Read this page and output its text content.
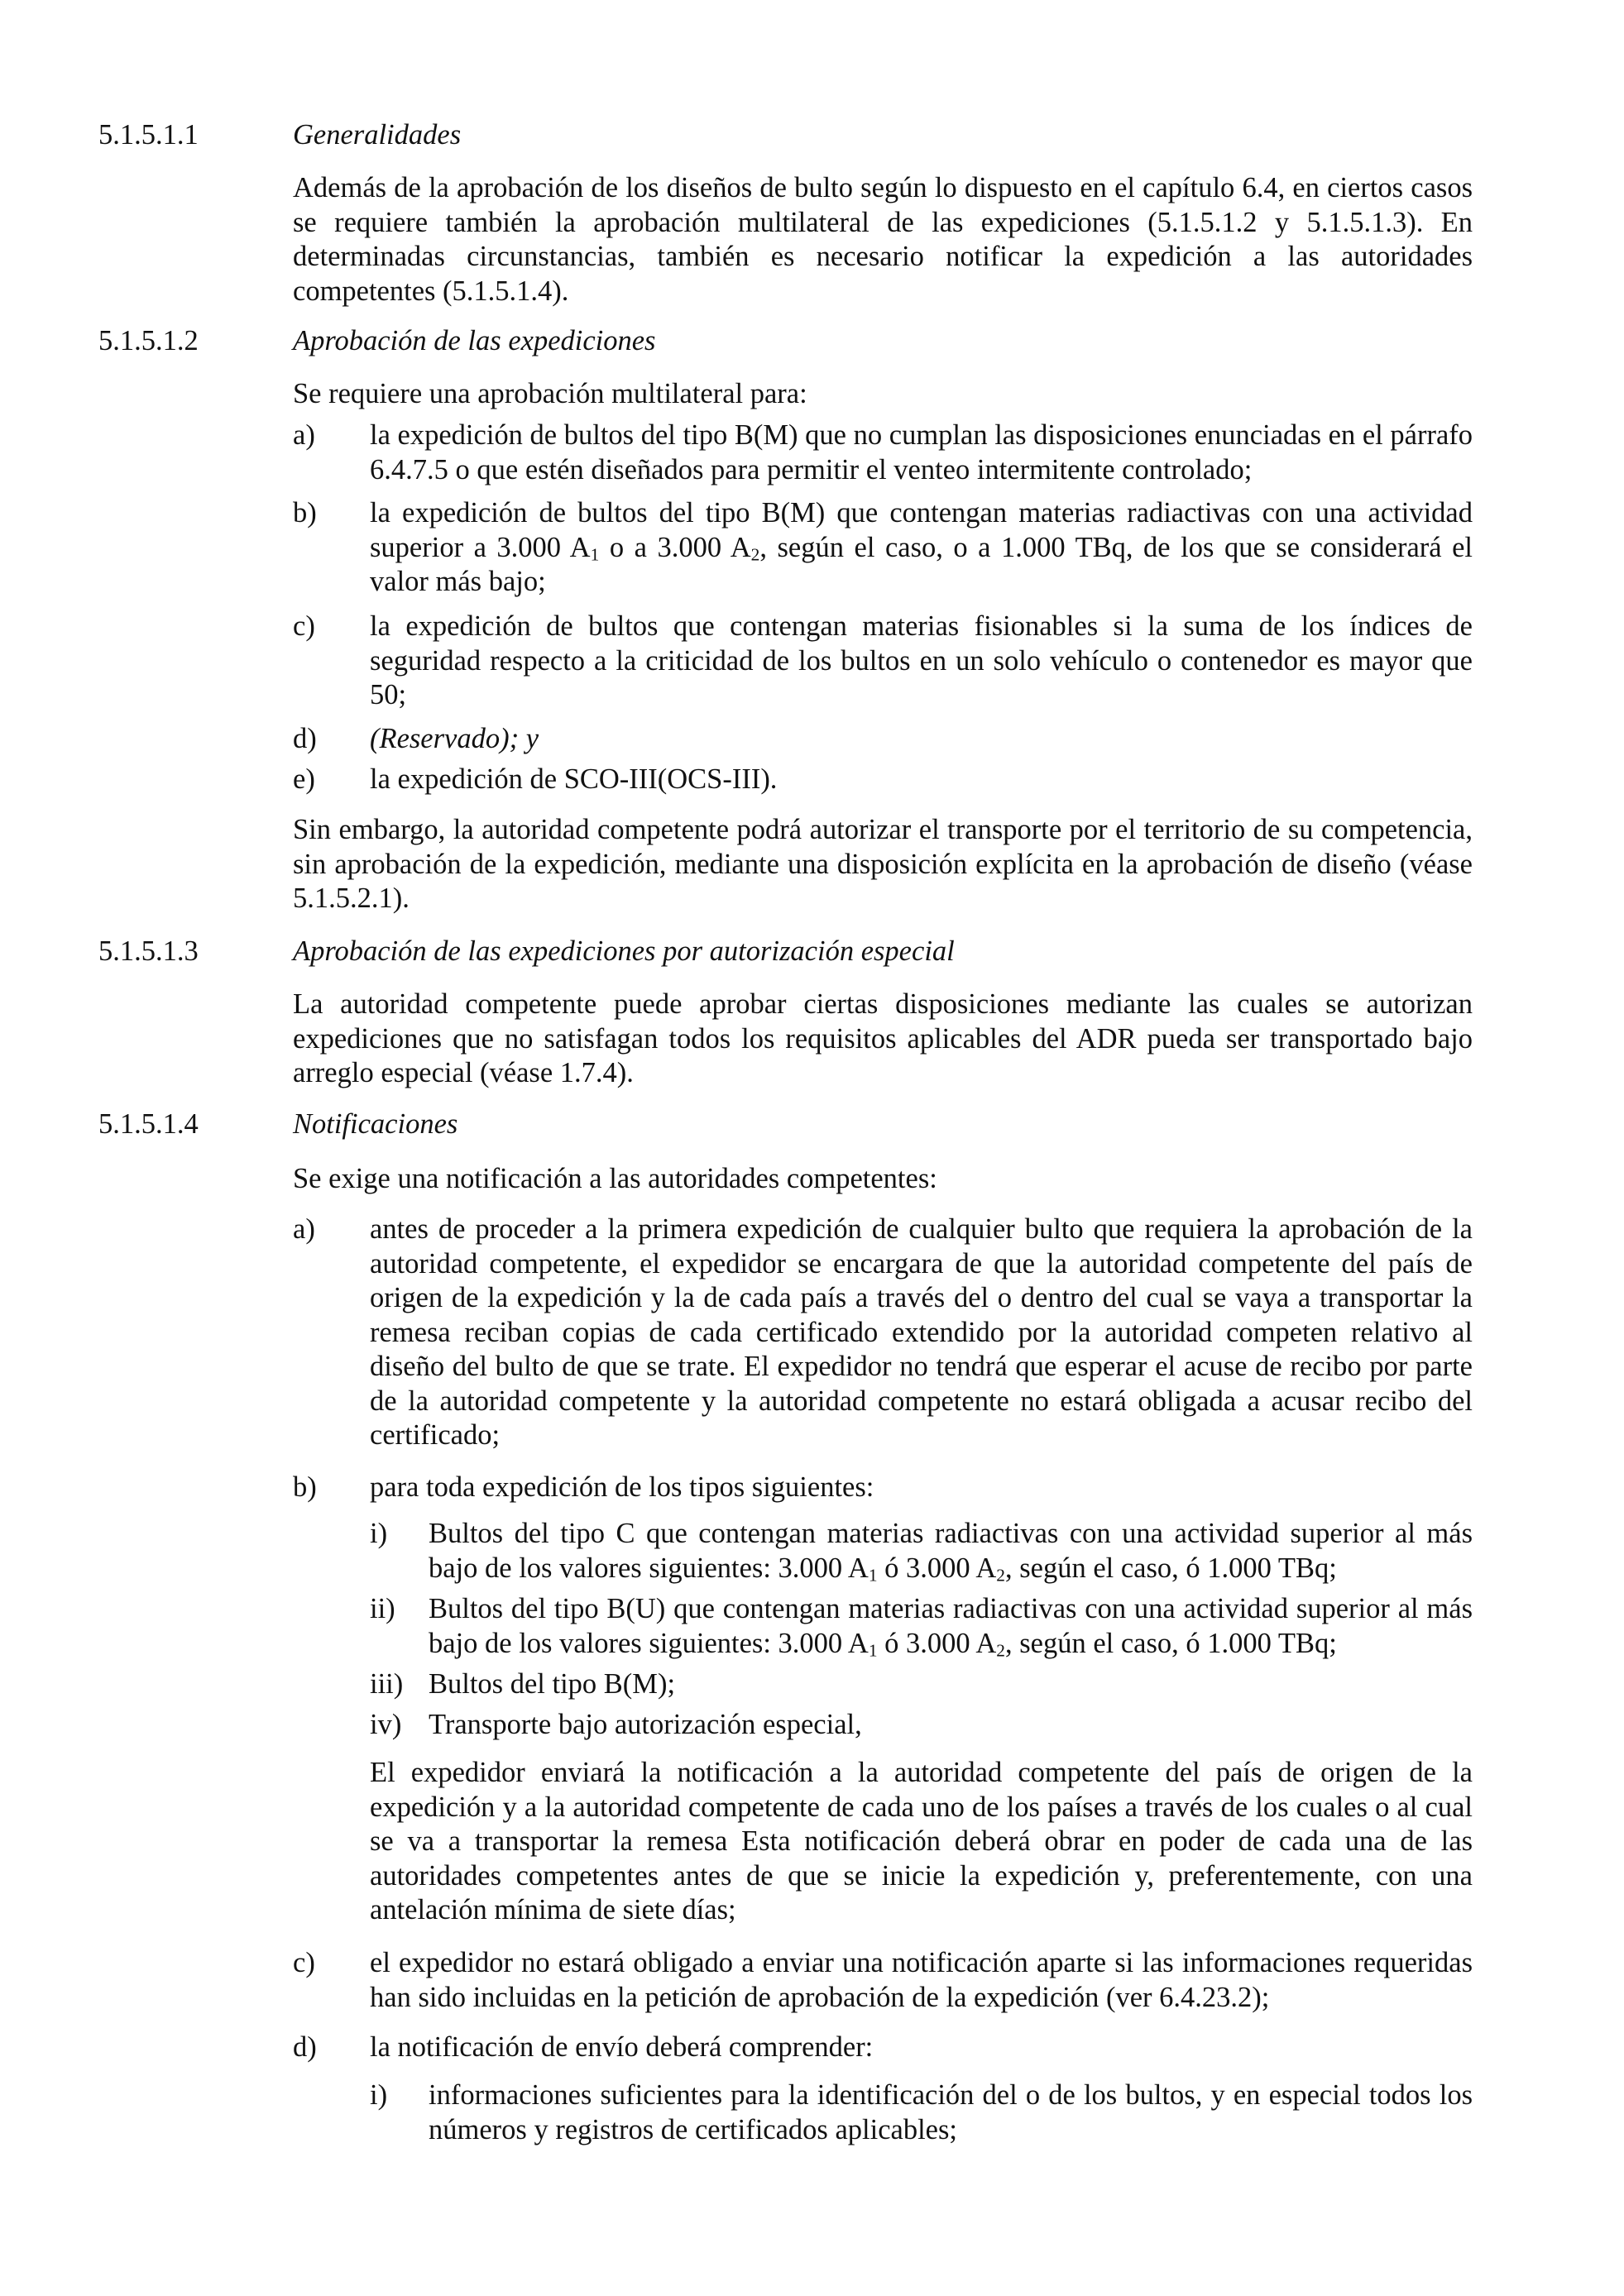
5.1.5.1.1	Generalidades
Además de la aprobación de los diseños de bulto según lo dispuesto en el capítulo 6.4, en ciertos casos se requiere también la aprobación multilateral de las expediciones (5.1.5.1.2 y 5.1.5.1.3). En determinadas circunstancias, también es necesario notificar la expedición a las autoridades competentes (5.1.5.1.4).
5.1.5.1.2	Aprobación de las expediciones
Se requiere una aprobación multilateral para:
a) la expedición de bultos del tipo B(M) que no cumplan las disposiciones enunciadas en el párrafo 6.4.7.5 o que estén diseñados para permitir el venteo intermitente controlado;
b) la expedición de bultos del tipo B(M) que contengan materias radiactivas con una actividad superior a 3.000 $A_1$ o a 3.000 $A_2$, según el caso, o a 1.000 TBq, de los que se considerará el valor más bajo;
c) la expedición de bultos que contengan materias fisionables si la suma de los índices de seguridad respecto a la criticidad de los bultos en un solo vehículo o contenedor es mayor que 50;
d) (Reservado); y
e) la expedición de SCO-III(OCS-III).
Sin embargo, la autoridad competente podrá autorizar el transporte por el territorio de su competencia, sin aprobación de la expedición, mediante una disposición explícita en la aprobación de diseño (véase 5.1.5.2.1).
5.1.5.1.3	Aprobación de las expediciones por autorización especial
La autoridad competente puede aprobar ciertas disposiciones mediante las cuales se autorizan expediciones que no satisfagan todos los requisitos aplicables del ADR pueda ser transportado bajo arreglo especial (véase 1.7.4).
5.1.5.1.4	Notificaciones
Se exige una notificación a las autoridades competentes:
a) antes de proceder a la primera expedición de cualquier bulto que requiera la aprobación de la autoridad competente, el expedidor se encargara de que la autoridad competente del país de origen de la expedición y la de cada país a través del o dentro del cual se vaya a transportar la remesa reciban copias de cada certificado extendido por la autoridad competen relativo al diseño del bulto de que se trate. El expedidor no tendrá que esperar el acuse de recibo por parte de la autoridad competente y la autoridad competente no estará obligada a acusar recibo del certificado;
b) para toda expedición de los tipos siguientes:
i) Bultos del tipo C que contengan materias radiactivas con una actividad superior al más bajo de los valores siguientes: 3.000 $A_1$ ó 3.000 $A_2$, según el caso, ó 1.000 TBq;
ii) Bultos del tipo B(U) que contengan materias radiactivas con una actividad superior al más bajo de los valores siguientes: 3.000 $A_1$ ó 3.000 $A_2$, según el caso, ó 1.000 TBq;
iii) Bultos del tipo B(M);
iv) Transporte bajo autorización especial,
El expedidor enviará la notificación a la autoridad competente del país de origen de la expedición y a la autoridad competente de cada uno de los países a través de los cuales o al cual se va a transportar la remesa Esta notificación deberá obrar en poder de cada una de las autoridades competentes antes de que se inicie la expedición y, preferentemente, con una antelación mínima de siete días;
c) el expedidor no estará obligado a enviar una notificación aparte si las informaciones requeridas han sido incluidas en la petición de aprobación de la expedición (ver 6.4.23.2);
d) la notificación de envío deberá comprender:
i) informaciones suficientes para la identificación del o de los bultos, y en especial todos los números y registros de certificados aplicables;
